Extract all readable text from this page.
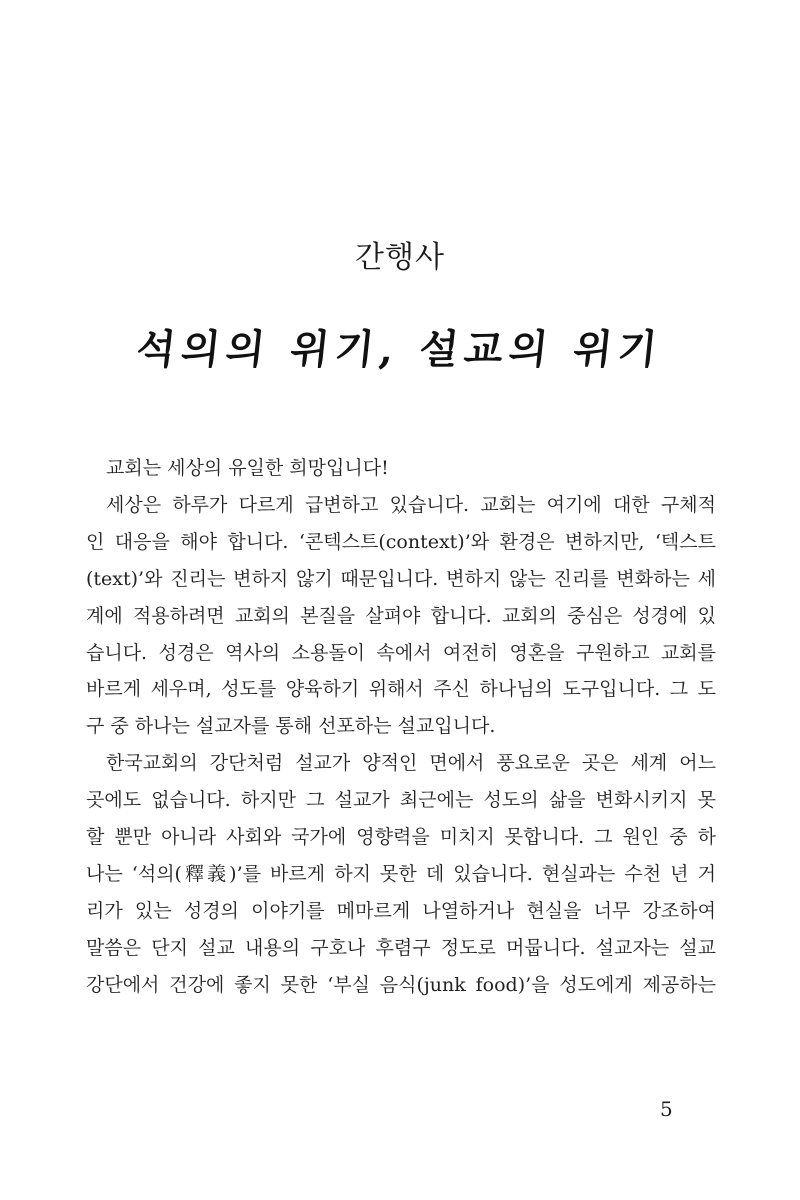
간행사
석의의 위기, 설교의 위기
교회는 세상의 유일한 희망입니다!
세상은 하루가 다르게 급변하고 있습니다. 교회는 여기에 대한 구체적
인 대응을 해야 합니다. ‘콘텍스트(context)’와 환경은 변하지만, ‘텍스트
(text)’와 진리는 변하지 않기 때문입니다. 변하지 않는 진리를 변화하는 세
계에 적용하려면 교회의 본질을 살펴야 합니다. 교회의 중심은 성경에 있
습니다. 성경은 역사의 소용돌이 속에서 여전히 영혼을 구원하고 교회를
바르게 세우며, 성도를 양육하기 위해서 주신 하나님의 도구입니다. 그 도
구 중 하나는 설교자를 통해 선포하는 설교입니다.
한국교회의 강단처럼 설교가 양적인 면에서 풍요로운 곳은 세계 어느
곳에도 없습니다. 하지만 그 설교가 최근에는 성도의 삶을 변화시키지 못
할 뿐만 아니라 사회와 국가에 영향력을 미치지 못합니다. 그 원인 중 하
나는 ‘석의(釋義)’를 바르게 하지 못한 데 있습니다. 현실과는 수천 년 거
리가 있는 성경의 이야기를 메마르게 나열하거나 현실을 너무 강조하여
말씀은 단지 설교 내용의 구호나 후렴구 정도로 머뭅니다. 설교자는 설교
강단에서 건강에 좋지 못한 ‘부실 음식(junk food)’을 성도에게 제공하는
5
